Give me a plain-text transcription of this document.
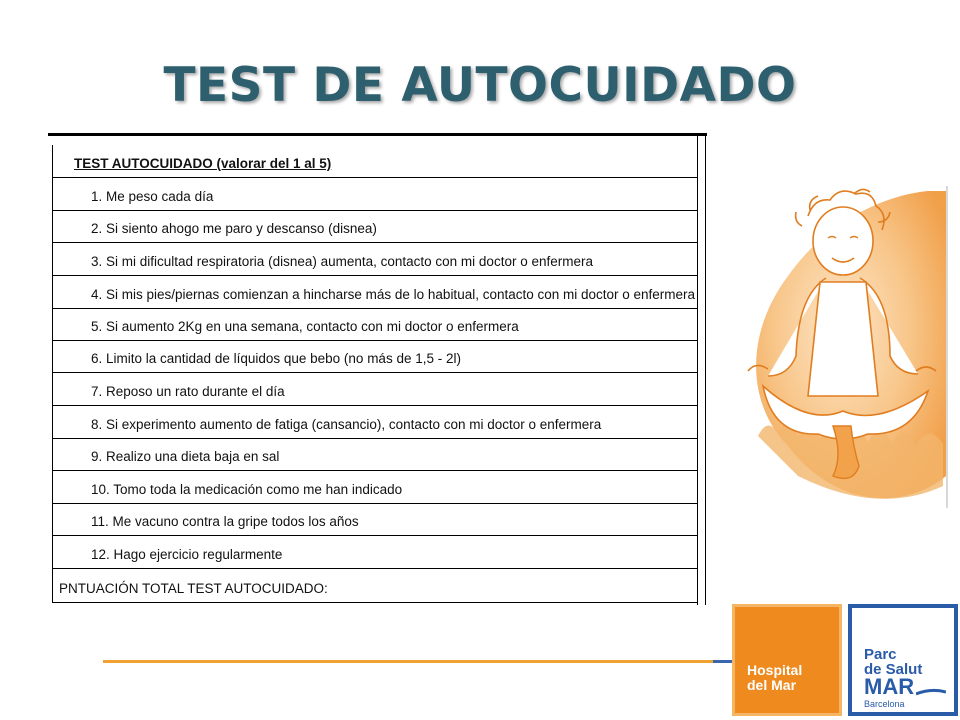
TEST DE AUTOCUIDADO
TEST AUTOCUIDADO (valorar del 1 al 5)
1. Me peso cada día
2. Si siento ahogo me paro y descanso (disnea)
3. Si mi dificultad respiratoria (disnea) aumenta, contacto con mi doctor o enfermera
4. Si mis pies/piernas comienzan a hincharse más de lo habitual, contacto con mi doctor o enfermera
5. Si aumento 2Kg en una semana, contacto con mi doctor o enfermera
6. Limito la cantidad de líquidos que bebo (no más de 1,5 - 2l)
7. Reposo un rato durante el día
8. Si experimento aumento de fatiga (cansancio), contacto con mi doctor o enfermera
9. Realizo una dieta baja en sal
10. Tomo toda la medicación como me han indicado
11. Me vacuno contra la gripe todos los años
12. Hago ejercicio regularmente
PNTUACIÓN TOTAL TEST AUTOCUIDADO:
Hospital
del Mar
Parc
de Salut
MAR
Barcelona
